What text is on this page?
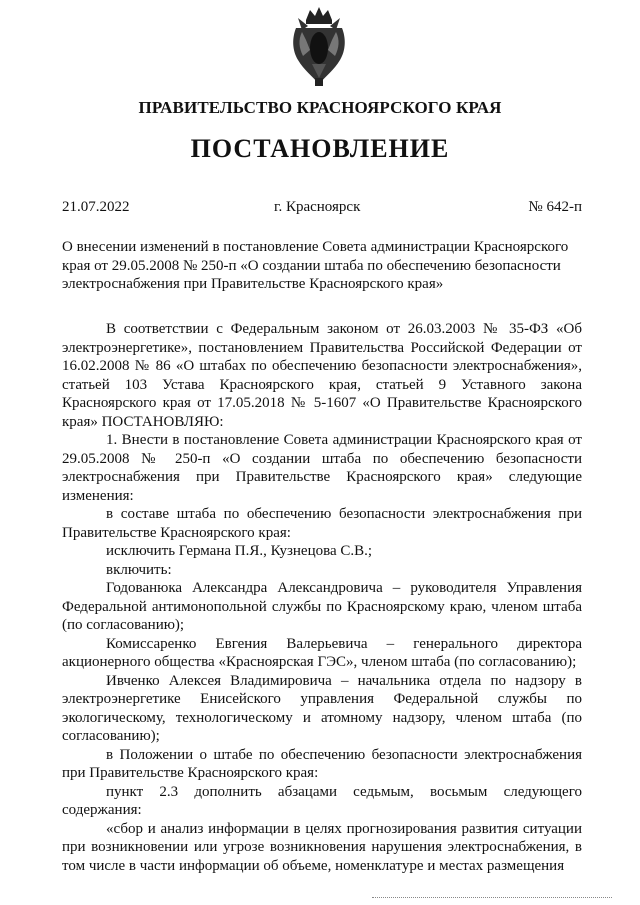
ПРАВИТЕЛЬСТВО КРАСНОЯРСКОГО КРАЯ
ПОСТАНОВЛЕНИЕ
21.07.2022	г. Красноярск	№ 642-п
О внесении изменений в постановление Совета администрации Красноярского края от 29.05.2008 № 250-п «О создании штаба по обеспечению безопасности электроснабжения при Правительстве Красноярского края»

В соответствии с Федеральным законом от 26.03.2003 № 35-ФЗ «Об электроэнергетике», постановлением Правительства Российской Федерации от 16.02.2008 № 86 «О штабах по обеспечению безопасности электроснабжения», статьей 103 Устава Красноярского края, статьей 9 Уставного закона Красноярского края от 17.05.2018 № 5-1607 «О Правительстве Красноярского края» ПОСТАНОВЛЯЮ:

1. Внести в постановление Совета администрации Красноярского края от 29.05.2008 № 250-п «О создании штаба по обеспечению безопасности электроснабжения при Правительстве Красноярского края» следующие изменения:

в составе штаба по обеспечению безопасности электроснабжения при Правительстве Красноярского края:

исключить Германа П.Я., Кузнецова С.В.;

включить:

Годованюка Александра Александровича – руководителя Управления Федеральной антимонопольной службы по Красноярскому краю, членом штаба (по согласованию);

Комиссаренко Евгения Валерьевича – генерального директора акционерного общества «Красноярская ГЭС», членом штаба (по согласованию);

Ивченко Алексея Владимировича – начальника отдела по надзору в электроэнергетике Енисейского управления Федеральной службы по экологическому, технологическому и атомному надзору, членом штаба (по согласованию);

в Положении о штабе по обеспечению безопасности электроснабжения при Правительстве Красноярского края:

пункт 2.3 дополнить абзацами седьмым, восьмым следующего содержания:

«сбор и анализ информации в целях прогнозирования развития ситуации при возникновении или угрозе возникновения нарушения электроснабжения, в том числе в части информации об объеме, номенклатуре и местах размещения
